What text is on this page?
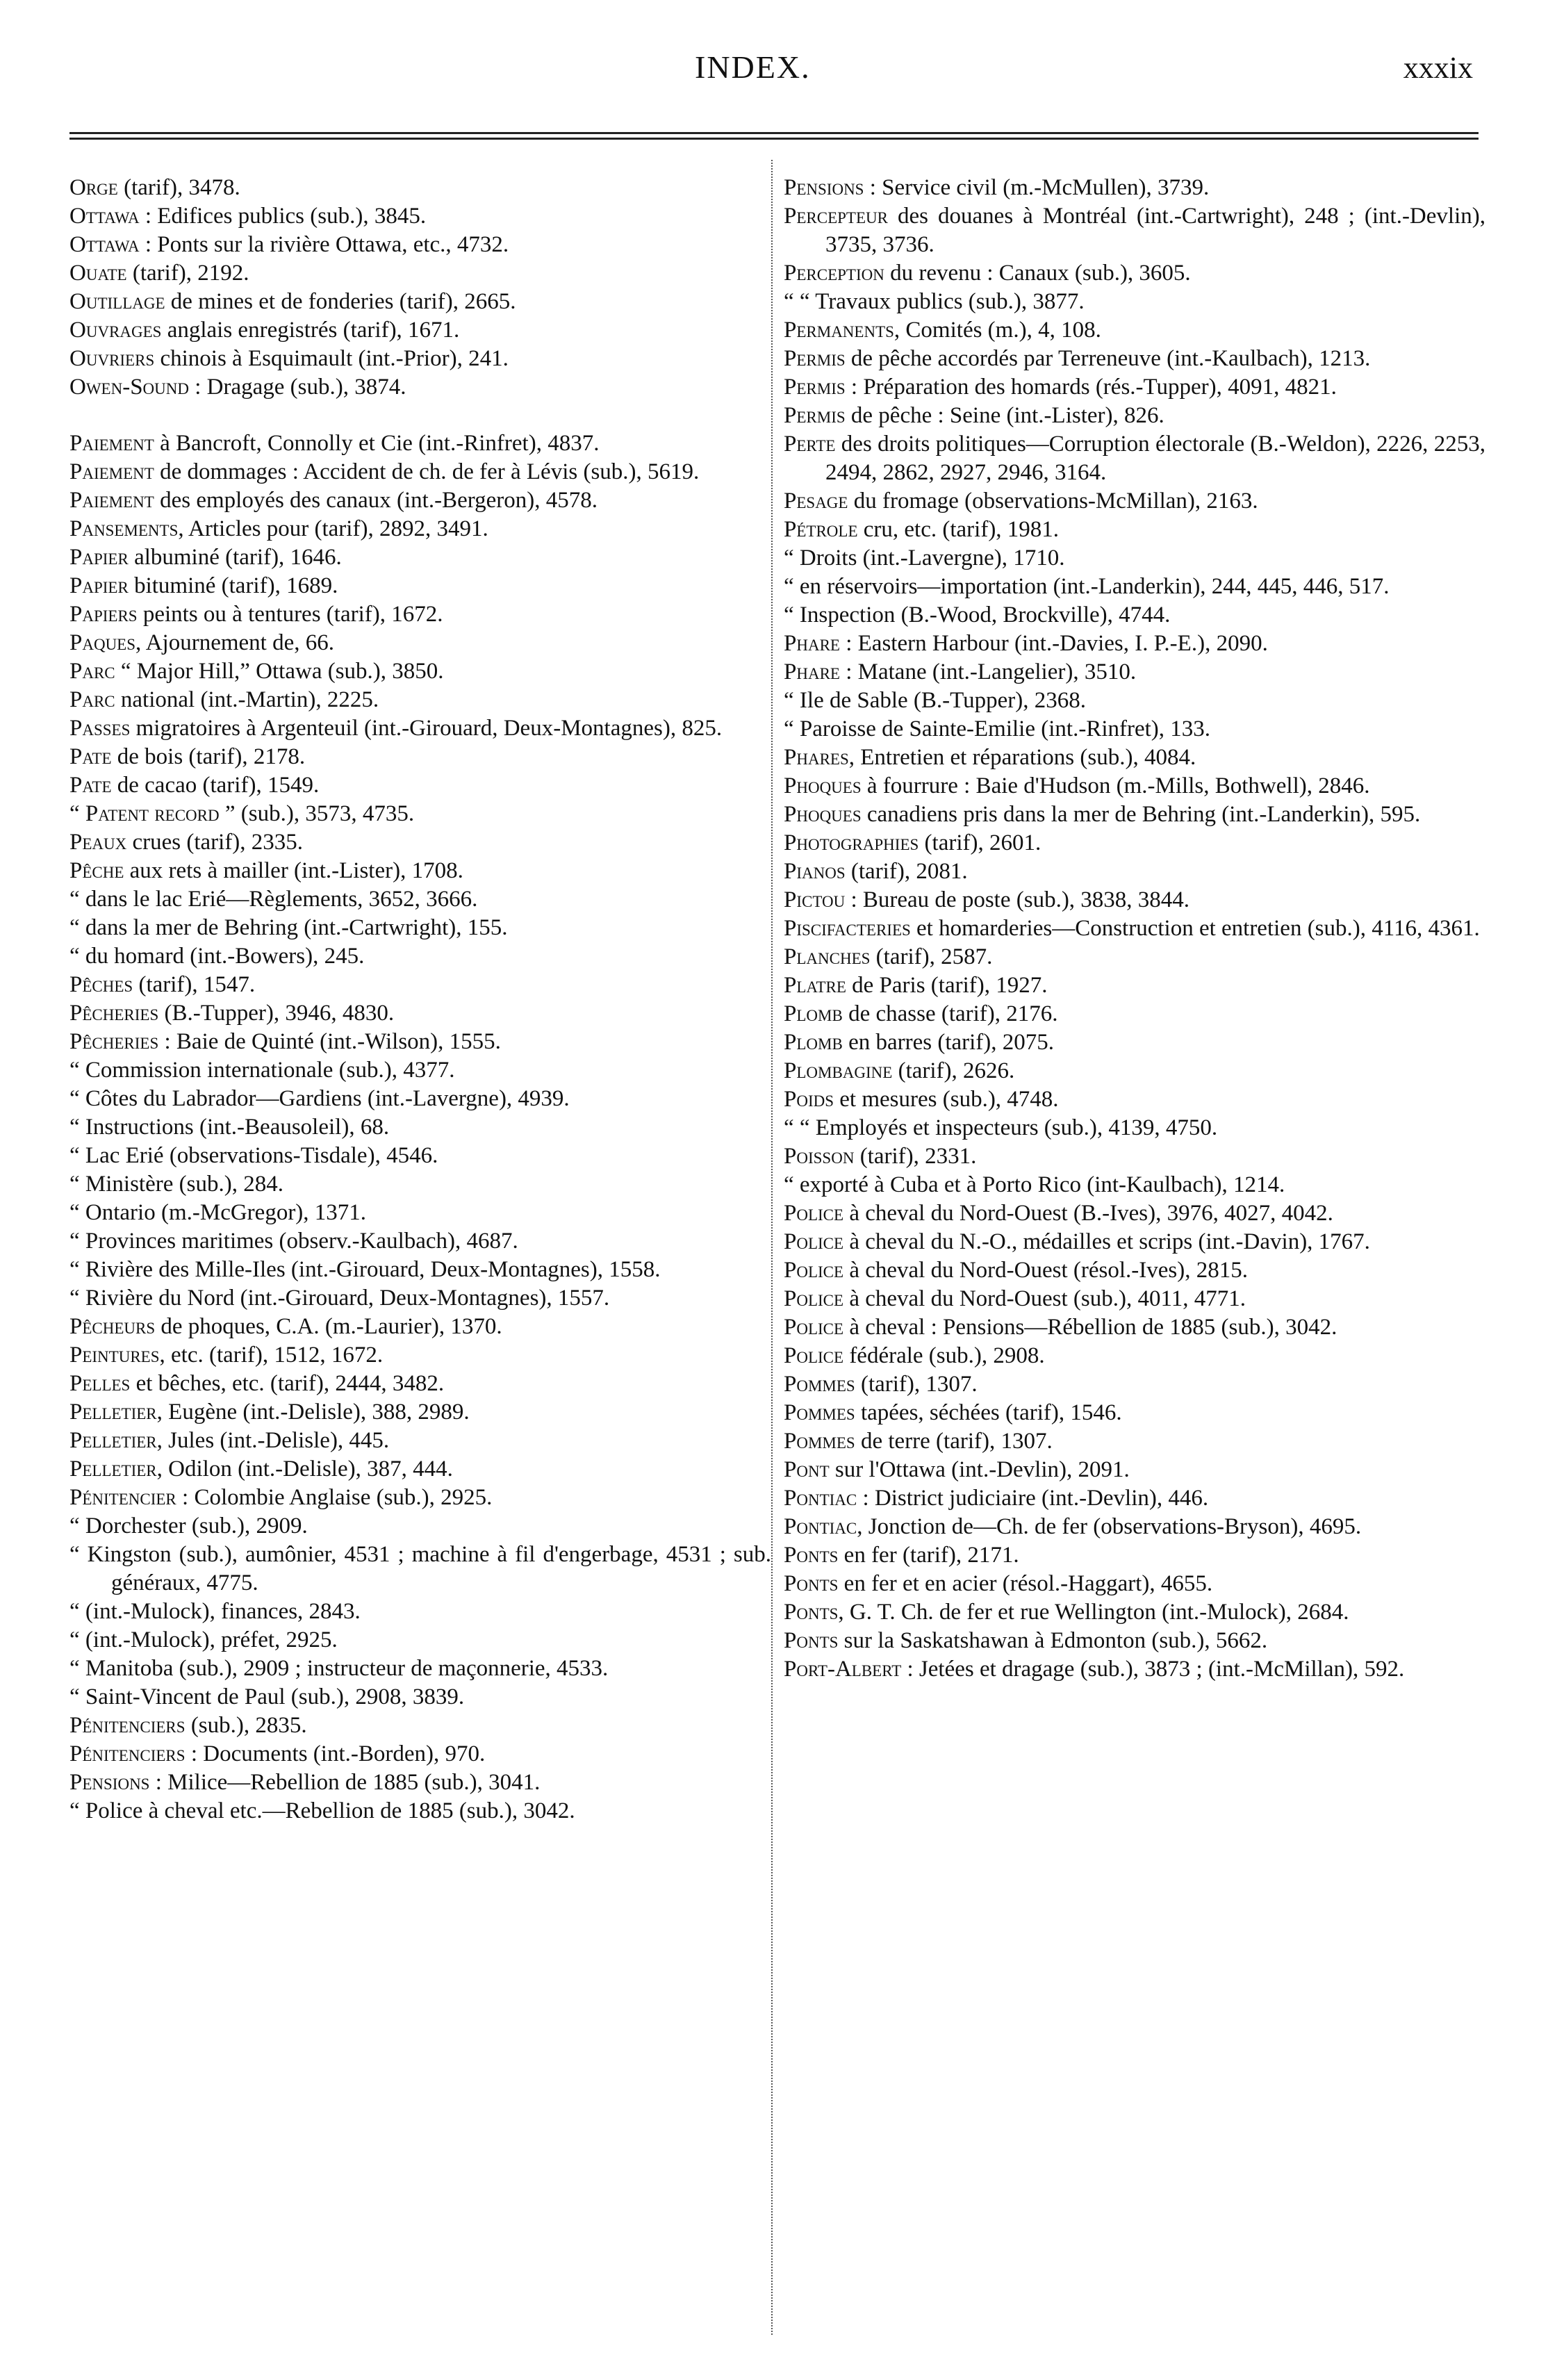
INDEX.	xxxix

Orge (tarif), 3478.

Ottawa : Edifices publics (sub.), 3845.

Ottawa : Ponts sur la rivière Ottawa, etc., 4732.

Ouate (tarif), 2192.

Outillage de mines et de fonderies (tarif), 2665.

Ouvrages anglais enregistrés (tarif), 1671.

Ouvriers chinois à Esquimault (int.-Prior), 241.

Owen-Sound : Dragage (sub.), 3874.

Paiement à Bancroft, Connolly et Cie (int.-Rinfret), 4837.

Paiement de dommages : Accident de ch. de fer à Lévis (sub.), 5619.

Paiement des employés des canaux (int.-Bergeron), 4578.

Pansements, Articles pour (tarif), 2892, 3491.

Papier albuminé (tarif), 1646.

Papier bituminé (tarif), 1689.

Papiers peints ou à tentures (tarif), 1672.

Paques, Ajournement de, 66.

Parc “ Major Hill,” Ottawa (sub.), 3850.

Parc national (int.-Martin), 2225.

Passes migratoires à Argenteuil (int.-Girouard, Deux-Montagnes), 825.

Pate de bois (tarif), 2178.

Pate de cacao (tarif), 1549.

“ Patent record ” (sub.), 3573, 4735.

Peaux crues (tarif), 2335.

Pêche aux rets à mailler (int.-Lister), 1708.

“ dans le lac Erié—Règlements, 3652, 3666.

“ dans la mer de Behring (int.-Cartwright), 155.

“ du homard (int.-Bowers), 245.

Pêches (tarif), 1547.

Pêcheries (B.-Tupper), 3946, 4830.

Pêcheries : Baie de Quinté (int.-Wilson), 1555.

“ Commission internationale (sub.), 4377.

“ Côtes du Labrador—Gardiens (int.-Lavergne), 4939.

“ Instructions (int.-Beausoleil), 68.

“ Lac Erié (observations-Tisdale), 4546.

“ Ministère (sub.), 284.

“ Ontario (m.-McGregor), 1371.

“ Provinces maritimes (observ.-Kaulbach), 4687.

“ Rivière des Mille-Iles (int.-Girouard, Deux-Montagnes), 1558.

“ Rivière du Nord (int.-Girouard, Deux-Montagnes), 1557.

Pêcheurs de phoques, C.A. (m.-Laurier), 1370.

Peintures, etc. (tarif), 1512, 1672.

Pelles et bêches, etc. (tarif), 2444, 3482.

Pelletier, Eugène (int.-Delisle), 388, 2989.

Pelletier, Jules (int.-Delisle), 445.

Pelletier, Odilon (int.-Delisle), 387, 444.

Pénitencier : Colombie Anglaise (sub.), 2925.

“ Dorchester (sub.), 2909.

“ Kingston (sub.), aumônier, 4531 ; machine à fil d'engerbage, 4531 ; sub. généraux, 4775.

“ (int.-Mulock), finances, 2843.

“ (int.-Mulock), préfet, 2925.

“ Manitoba (sub.), 2909 ; instructeur de maçonnerie, 4533.

“ Saint-Vincent de Paul (sub.), 2908, 3839.

Pénitenciers (sub.), 2835.

Pénitenciers : Documents (int.-Borden), 970.

Pensions : Milice—Rebellion de 1885 (sub.), 3041.

“ Police à cheval etc.—Rebellion de 1885 (sub.), 3042.

Pensions : Service civil (m.-McMullen), 3739.

Percepteur des douanes à Montréal (int.-Cartwright), 248 ; (int.-Devlin), 3735, 3736.

Perception du revenu : Canaux (sub.), 3605.

“ “ Travaux publics (sub.), 3877.

Permanents, Comités (m.), 4, 108.

Permis de pêche accordés par Terreneuve (int.-Kaulbach), 1213.

Permis : Préparation des homards (rés.-Tupper), 4091, 4821.

Permis de pêche : Seine (int.-Lister), 826.

Perte des droits politiques—Corruption électorale (B.-Weldon), 2226, 2253, 2494, 2862, 2927, 2946, 3164.

Pesage du fromage (observations-McMillan), 2163.

Pétrole cru, etc. (tarif), 1981.

“ Droits (int.-Lavergne), 1710.

“ en réservoirs—importation (int.-Landerkin), 244, 445, 446, 517.

“ Inspection (B.-Wood, Brockville), 4744.

Phare : Eastern Harbour (int.-Davies, I. P.-E.), 2090.

Phare : Matane (int.-Langelier), 3510.

“ Ile de Sable (B.-Tupper), 2368.

“ Paroisse de Sainte-Emilie (int.-Rinfret), 133.

Phares, Entretien et réparations (sub.), 4084.

Phoques à fourrure : Baie d'Hudson (m.-Mills, Bothwell), 2846.

Phoques canadiens pris dans la mer de Behring (int.-Landerkin), 595.

Photographies (tarif), 2601.

Pianos (tarif), 2081.

Pictou : Bureau de poste (sub.), 3838, 3844.

Piscifacteries et homarderies—Construction et entretien (sub.), 4116, 4361.

Planches (tarif), 2587.

Platre de Paris (tarif), 1927.

Plomb de chasse (tarif), 2176.

Plomb en barres (tarif), 2075.

Plombagine (tarif), 2626.

Poids et mesures (sub.), 4748.

“ “ Employés et inspecteurs (sub.), 4139, 4750.

Poisson (tarif), 2331.

“ exporté à Cuba et à Porto Rico (int-Kaulbach), 1214.

Police à cheval du Nord-Ouest (B.-Ives), 3976, 4027, 4042.

Police à cheval du N.-O., médailles et scrips (int.-Davin), 1767.

Police à cheval du Nord-Ouest (résol.-Ives), 2815.

Police à cheval du Nord-Ouest (sub.), 4011, 4771.

Police à cheval : Pensions—Rébellion de 1885 (sub.), 3042.

Police fédérale (sub.), 2908.

Pommes (tarif), 1307.

Pommes tapées, séchées (tarif), 1546.

Pommes de terre (tarif), 1307.

Pont sur l'Ottawa (int.-Devlin), 2091.

Pontiac : District judiciaire (int.-Devlin), 446.

Pontiac, Jonction de—Ch. de fer (observations-Bryson), 4695.

Ponts en fer (tarif), 2171.

Ponts en fer et en acier (résol.-Haggart), 4655.

Ponts, G. T. Ch. de fer et rue Wellington (int.-Mulock), 2684.

Ponts sur la Saskatshawan à Edmonton (sub.), 5662.

Port-Albert : Jetées et dragage (sub.), 3873 ; (int.-McMillan), 592.
